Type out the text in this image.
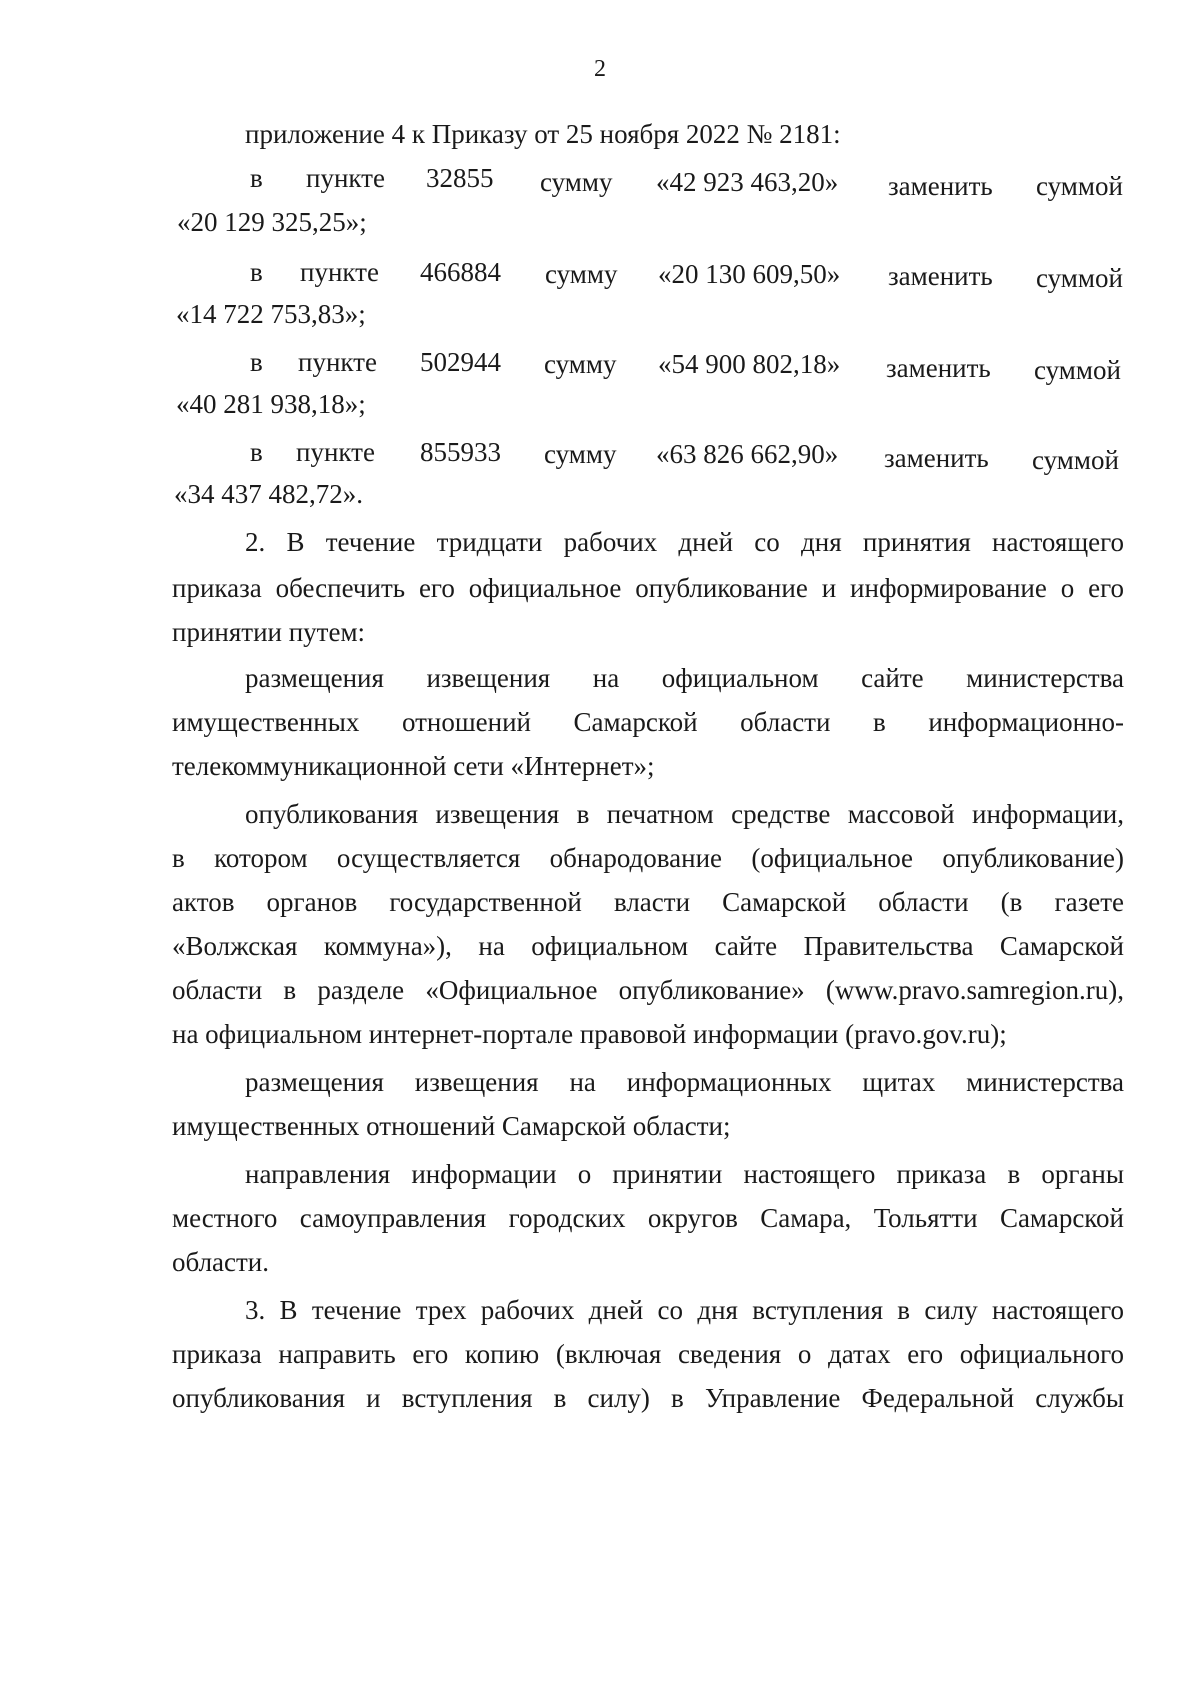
2
приложение 4 к Приказу от 25 ноября 2022 № 2181:
в пункте 32855 сумму «42 923 463,20» заменить суммой
«20 129 325,25»;
в пункте 466884 сумму «20 130 609,50» заменить суммой
«14 722 753,83»;
в пункте 502944 сумму «54 900 802,18» заменить суммой
«40 281 938,18»;
в пункте 855933 сумму «63 826 662,90» заменить суммой
«34 437 482,72».
2. В течение тридцати рабочих дней со дня принятия настоящего
приказа обеспечить его официальное опубликование и информирование о его
принятии путем:
размещения извещения на официальном сайте министерства
имущественных отношений Самарской области в информационно-
телекоммуникационной сети «Интернет»;
опубликования извещения в печатном средстве массовой информации,
в котором осуществляется обнародование (официальное опубликование)
актов органов государственной власти Самарской области (в газете
«Волжская коммуна»), на официальном сайте Правительства Самарской
области в разделе «Официальное опубликование» (www.pravo.samregion.ru),
на официальном интернет-портале правовой информации (pravo.gov.ru);
размещения извещения на информационных щитах министерства
имущественных отношений Самарской области;
направления информации о принятии настоящего приказа в органы
местного самоуправления городских округов Самара, Тольятти Самарской
области.
3. В течение трех рабочих дней со дня вступления в силу настоящего
приказа направить его копию (включая сведения о датах его официального
опубликования и вступления в силу) в Управление Федеральной службы
